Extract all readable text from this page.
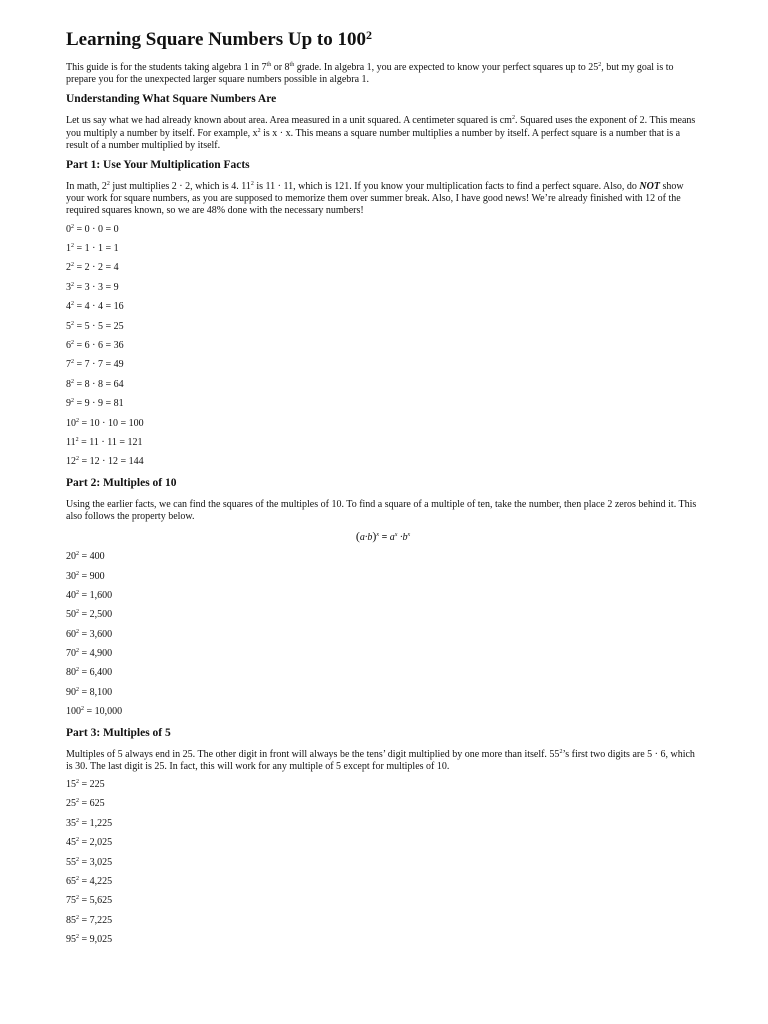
Learning Square Numbers Up to $100^2$

This guide is for the students taking algebra 1 in 7th or 8th grade. In algebra 1, you are expected to know your perfect squares up to $25^2$, but my goal is to prepare you for the unexpected larger square numbers possible in algebra 1.

Understanding What Square Numbers Are

Let us say what we had already known about area. Area measured in a unit squared. A centimeter squared is $cm^2$. Squared uses the exponent of 2. This means you multiply a number by itself. For example, $x^2$ is x · x. This means a square number multiplies a number by itself. A perfect square is a number that is a result of a number multiplied by itself.

Part 1: Use Your Multiplication Facts

In math, $2^2$ just multiplies 2 · 2, which is 4. $11^2$ is 11 · 11, which is 121. If you know your multiplication facts to find a perfect square. Also, do NOT show your work for square numbers, as you are supposed to memorize them over summer break. Also, I have good news! We’re already finished with 12 of the required squares known, so we are 48% done with the necessary numbers!

$0^2 = 0 \cdot 0 = 0$
$1^2 = 1 \cdot 1 = 1$
$2^2 = 2 \cdot 2 = 4$
$3^2 = 3 \cdot 3 = 9$
$4^2 = 4 \cdot 4 = 16$
$5^2 = 5 \cdot 5 = 25$
$6^2 = 6 \cdot 6 = 36$
$7^2 = 7 \cdot 7 = 49$
$8^2 = 8 \cdot 8 = 64$
$9^2 = 9 \cdot 9 = 81$
$10^2 = 10 \cdot 10 = 100$
$11^2 = 11 \cdot 11 = 121$
$12^2 = 12 \cdot 12 = 144$
Part 2: Multiples of 10

Using the earlier facts, we can find the squares of the multiples of 10. To find a square of a multiple of ten, take the number, then place 2 zeros behind it. This also follows the property below.

$(a\cdot b)^x = a^x \cdot b^x$
$20^2 = 400$
$30^2 = 900$
$40^2 = 1,600$
$50^2 = 2,500$
$60^2 = 3,600$
$70^2 = 4,900$
$80^2 = 6,400$
$90^2 = 8,100$
$100^2 = 10,000$
Part 3: Multiples of 5

Multiples of 5 always end in 25. The other digit in front will always be the tens’ digit multiplied by one more than itself. $55^2’s$ first two digits are 5 · 6, which is 30. The last digit is 25. In fact, this will work for any multiple of 5 except for multiples of 10.

$15^2 = 225$
$25^2 = 625$
$35^2 = 1,225$
$45^2 = 2,025$
$55^2 = 3,025$
$65^2 = 4,225$
$75^2 = 5,625$
$85^2 = 7,225$
$95^2 = 9,025$
